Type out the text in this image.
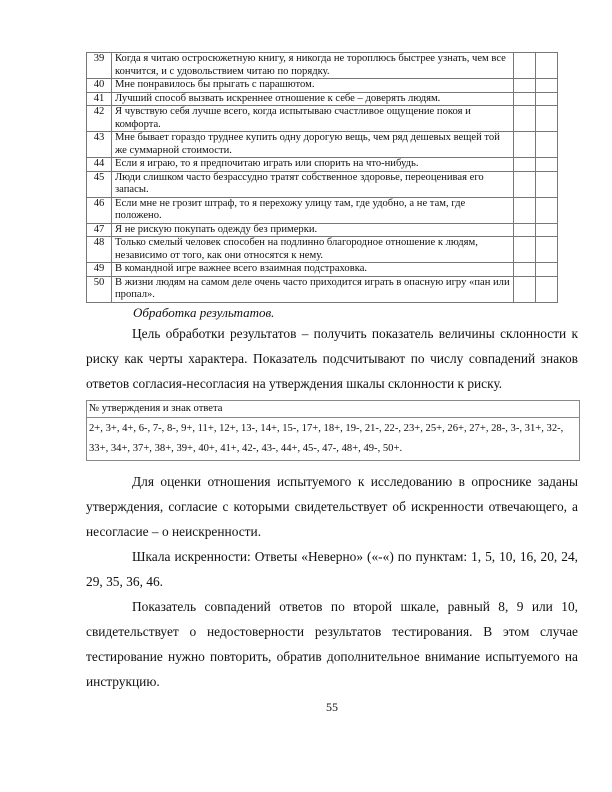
39	Когда я читаю остросюжетную книгу, я никогда не тороплюсь быстрее узнать, чем все кончится, и с удовольствием читаю по порядку.		
40	Мне понравилось бы прыгать с парашютом.		
41	Лучший способ вызвать искреннее отношение к себе – доверять людям.		
42	Я чувствую себя лучше всего, когда испытываю счастливое ощущение покоя и комфорта.		
43	Мне бывает гораздо труднее купить одну дорогую вещь, чем ряд дешевых вещей той же суммарной стоимости.		
44	Если я играю, то я предпочитаю играть или спорить на что-нибудь.		
45	Люди слишком часто безрассудно тратят собственное здоровье, переоценивая его запасы.		
46	Если мне не грозит штраф, то я перехожу улицу там, где удобно, а не там, где положено.		
47	Я не рискую покупать одежду без примерки.		
48	Только смелый человек способен на подлинно благородное отношение к людям, независимо от того, как они относятся к нему.		
49	В командной игре важнее всего взаимная подстраховка.		
50	В жизни людям на самом деле очень часто приходится играть в опасную игру «пан или пропал».		
Обработка результатов.

Цель обработки результатов – получить показатель величины склонности к риску как черты характера. Показатель подсчитывают по числу совпадений знаков ответов согласия-несогласия на утверждения шкалы склонности к риску.

№ утверждения и знак ответа
2+, 3+, 4+, 6-, 7-, 8-, 9+, 11+, 12+, 13-, 14+, 15-, 17+, 18+, 19-, 21-, 22-, 23+, 25+, 26+, 27+, 28-, 3-, 31+, 32-, 33+, 34+, 37+, 38+, 39+, 40+, 41+, 42-, 43-, 44+, 45-, 47-, 48+, 49-, 50+.

Для оценки отношения испытуемого к исследованию в опроснике заданы утверждения, согласие с которыми свидетельствует об искренности отвечающего, а несогласие – о неискренности.

Шкала искренности: Ответы «Неверно» («-«) по пунктам: 1, 5, 10, 16, 20, 24, 29, 35, 36, 46.

Показатель совпадений ответов по второй шкале, равный 8, 9 или 10, свидетельствует о недостоверности результатов тестирования. В этом случае тестирование нужно повторить, обратив дополнительное внимание испытуемого на инструкцию.

55
